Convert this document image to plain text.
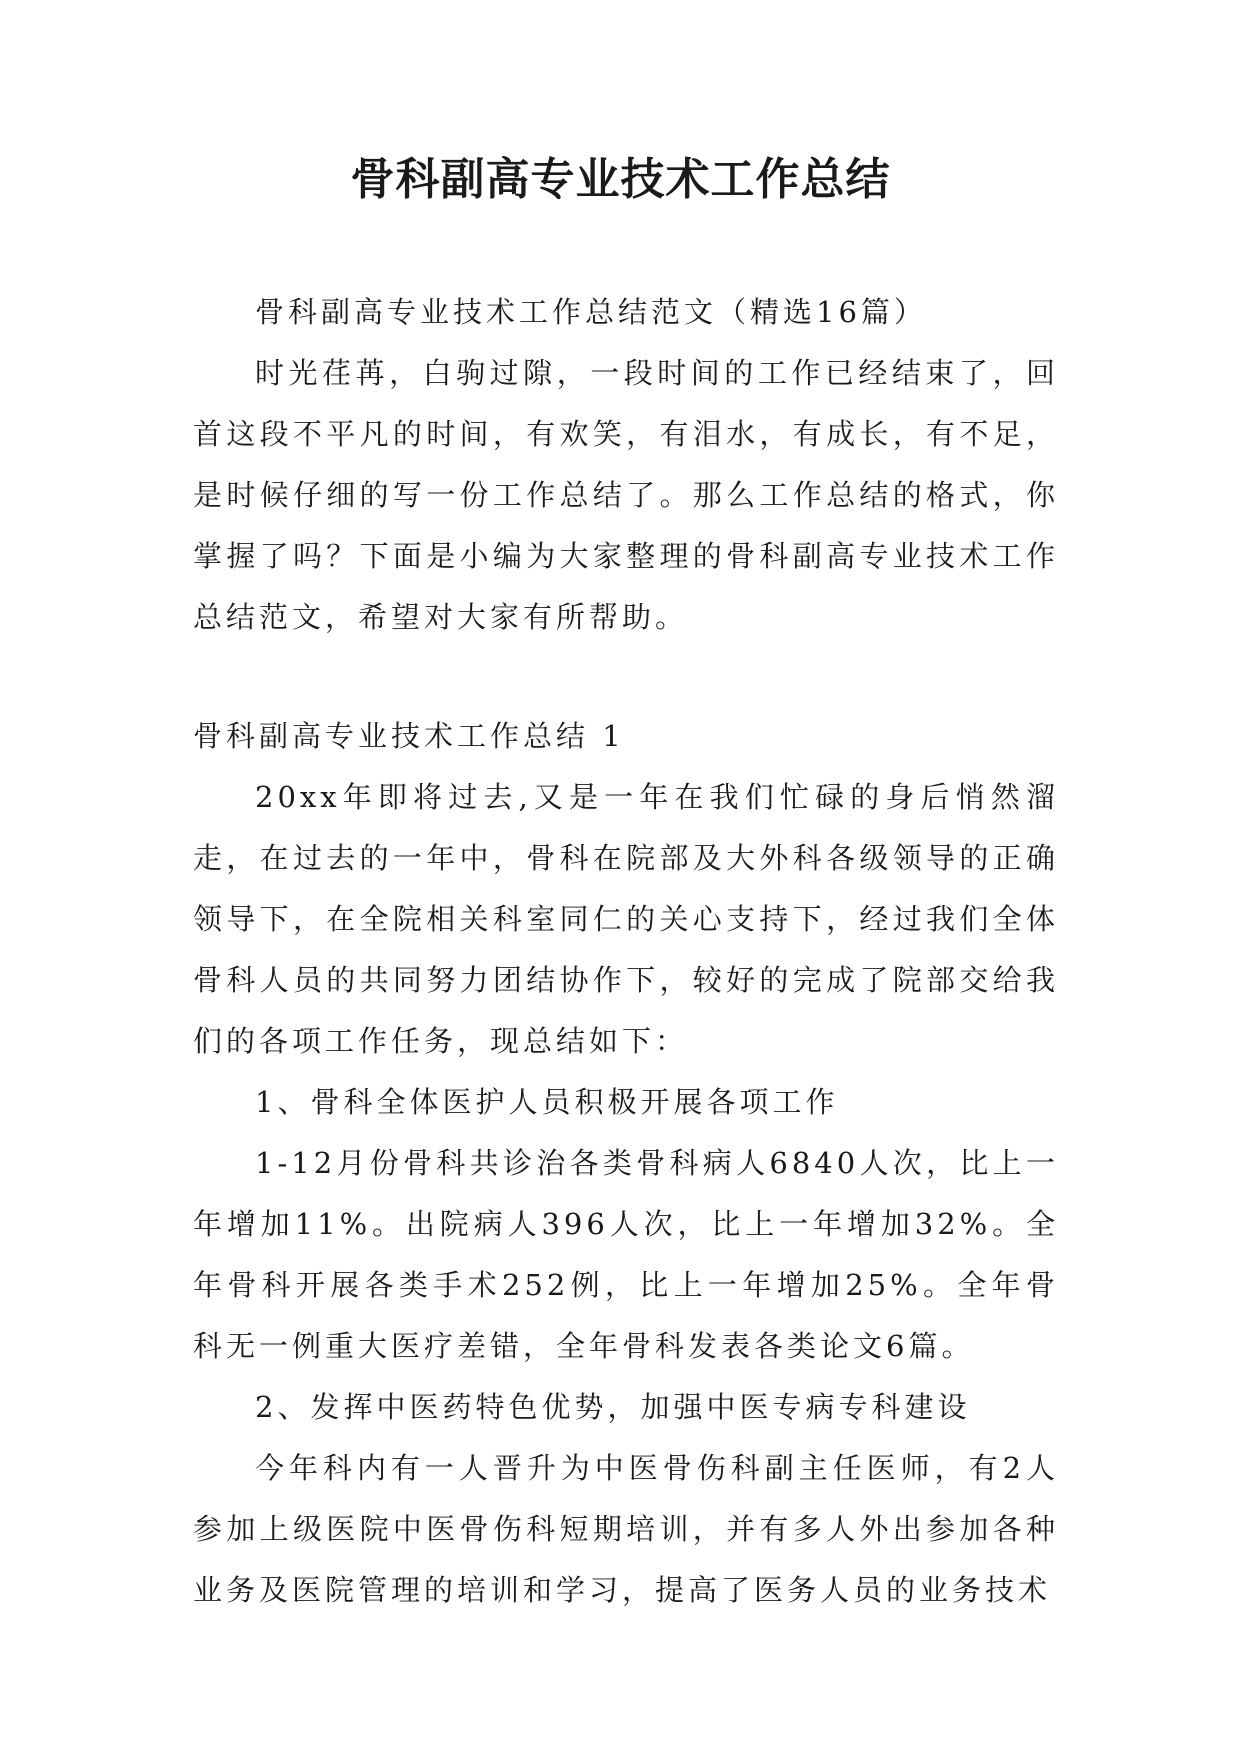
骨科副高专业技术工作总结

骨科副高专业技术工作总结范文（精选16篇）

时光荏苒，白驹过隙，一段时间的工作已经结束了，回首这段不平凡的时间，有欢笑，有泪水，有成长，有不足，是时候仔细的写一份工作总结了。那么工作总结的格式，你掌握了吗？下面是小编为大家整理的骨科副高专业技术工作总结范文，希望对大家有所帮助。

骨科副高专业技术工作总结 1

20xx年即将过去,又是一年在我们忙碌的身后悄然溜走，在过去的一年中，骨科在院部及大外科各级领导的正确领导下，在全院相关科室同仁的关心支持下，经过我们全体骨科人员的共同努力团结协作下，较好的完成了院部交给我们的各项工作任务，现总结如下：

1、骨科全体医护人员积极开展各项工作

1-12月份骨科共诊治各类骨科病人6840人次，比上一年增加11%。出院病人396人次，比上一年增加32%。全年骨科开展各类手术252例，比上一年增加25%。全年骨科无一例重大医疗差错，全年骨科发表各类论文6篇。

2、发挥中医药特色优势，加强中医专病专科建设

今年科内有一人晋升为中医骨伤科副主任医师，有2人参加上级医院中医骨伤科短期培训，并有多人外出参加各种业务及医院管理的培训和学习，提高了医务人员的业务技术
